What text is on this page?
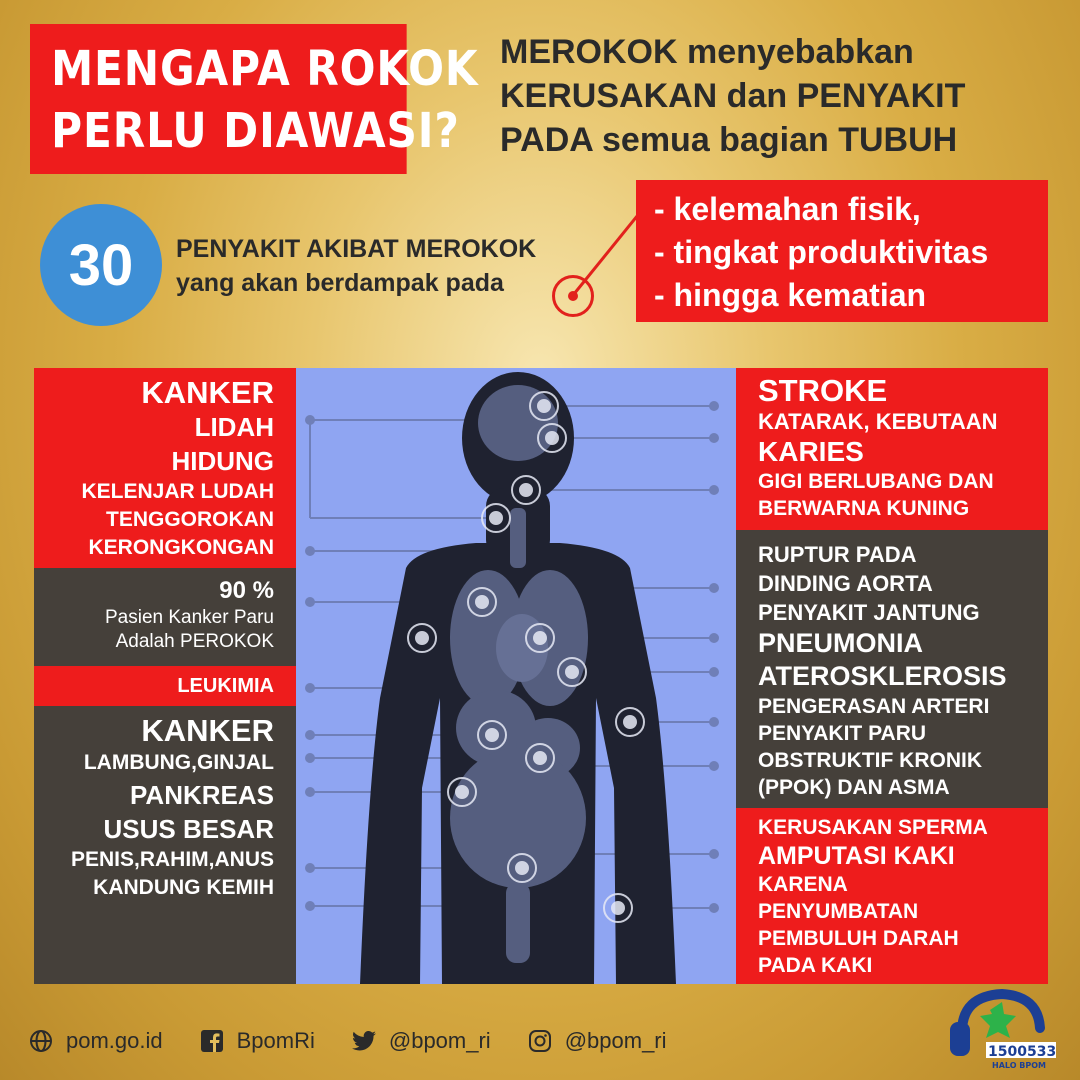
MENGAPA ROKOK
PERLU DIAWASI?
MEROKOK menyebabkan
KERUSAKAN dan PENYAKIT
PADA semua bagian TUBUH
30	PENYAKIT AKIBAT MEROKOK
yang akan berdampak pada
- kelemahan fisik,
- tingkat produktivitas
- hingga kematian
KANKER
LIDAH
HIDUNG
KELENJAR LUDAH
TENGGOROKAN
KERONGKONGAN
90 %
Pasien Kanker Paru
Adalah PEROKOK
LEUKIMIA
KANKER
LAMBUNG,GINJAL
PANKREAS
USUS BESAR
PENIS,RAHIM,ANUS
KANDUNG KEMIH
STROKE
KATARAK, KEBUTAAN
KARIES
GIGI BERLUBANG DAN
BERWARNA KUNING
RUPTUR PADA
DINDING AORTA
PENYAKIT JANTUNG
PNEUMONIA
ATEROSKLEROSIS
PENGERASAN ARTERI
PENYAKIT PARU
OBSTRUKTIF KRONIK
(PPOK) DAN ASMA
KERUSAKAN SPERMA
AMPUTASI KAKI
KARENA
PENYUMBATAN
PEMBULUH DARAH
PADA KAKI
pom.go.id	BpomRi	@bpom_ri	@bpom_ri	1500533
HALO BPOM
